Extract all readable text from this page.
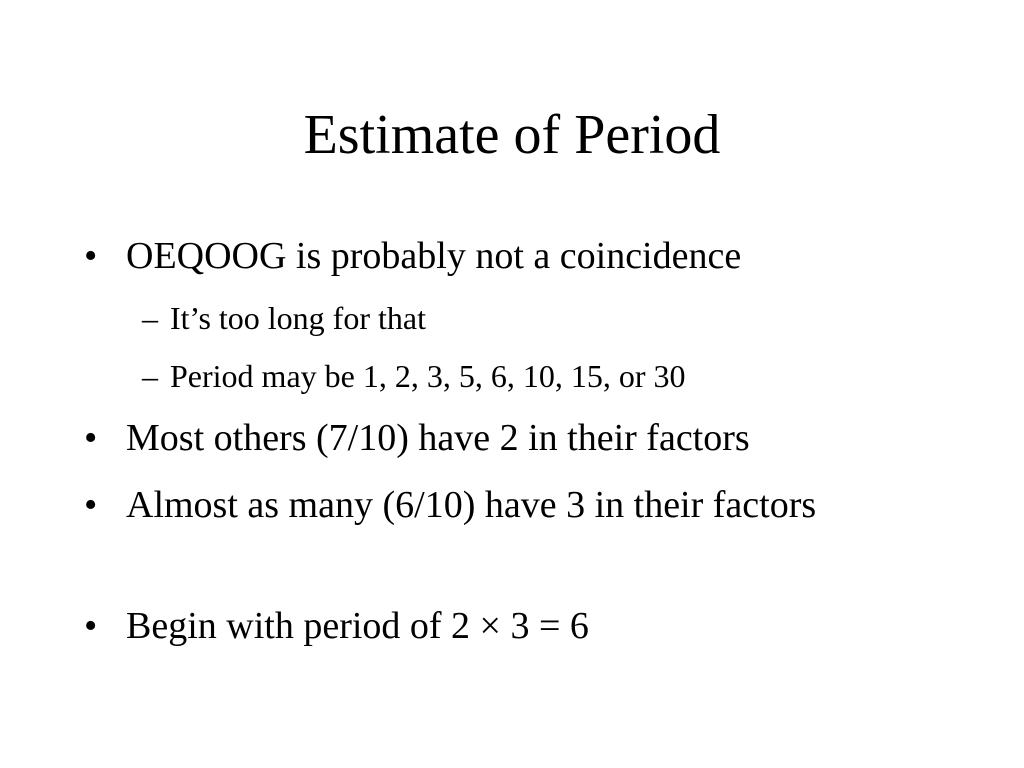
Estimate of Period
• OEQOOG is probably not a coincidence
– It’s too long for that
– Period may be 1, 2, 3, 5, 6, 10, 15, or 30
• Most others (7/10) have 2 in their factors
• Almost as many (6/10) have 3 in their factors
• Begin with period of 2 × 3 = 6
